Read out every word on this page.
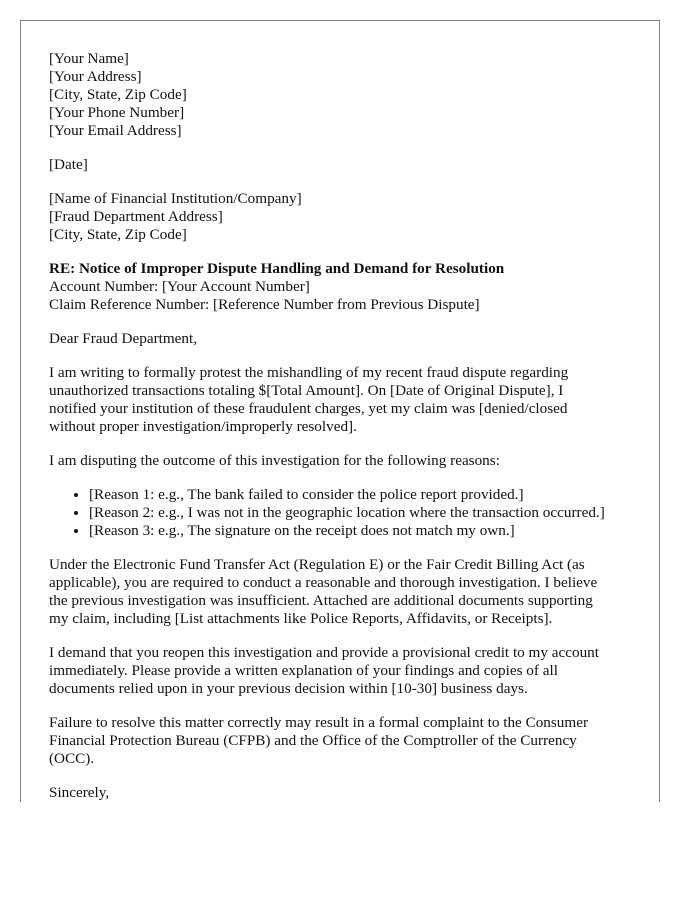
[Your Name]
[Your Address]
[City, State, Zip Code]
[Your Phone Number]
[Your Email Address]
[Date]
[Name of Financial Institution/Company]
[Fraud Department Address]
[City, State, Zip Code]
RE: Notice of Improper Dispute Handling and Demand for Resolution
Account Number: [Your Account Number]
Claim Reference Number: [Reference Number from Previous Dispute]
Dear Fraud Department,
I am writing to formally protest the mishandling of my recent fraud dispute regarding
unauthorized transactions totaling $[Total Amount]. On [Date of Original Dispute], I
notified your institution of these fraudulent charges, yet my claim was [denied/closed
without proper investigation/improperly resolved].
I am disputing the outcome of this investigation for the following reasons:
• [Reason 1: e.g., The bank failed to consider the police report provided.]
• [Reason 2: e.g., I was not in the geographic location where the transaction occurred.]
• [Reason 3: e.g., The signature on the receipt does not match my own.]
Under the Electronic Fund Transfer Act (Regulation E) or the Fair Credit Billing Act (as
applicable), you are required to conduct a reasonable and thorough investigation. I believe
the previous investigation was insufficient. Attached are additional documents supporting
my claim, including [List attachments like Police Reports, Affidavits, or Receipts].
I demand that you reopen this investigation and provide a provisional credit to my account
immediately. Please provide a written explanation of your findings and copies of all
documents relied upon in your previous decision within [10-30] business days.
Failure to resolve this matter correctly may result in a formal complaint to the Consumer
Financial Protection Bureau (CFPB) and the Office of the Comptroller of the Currency
(OCC).
Sincerely,
